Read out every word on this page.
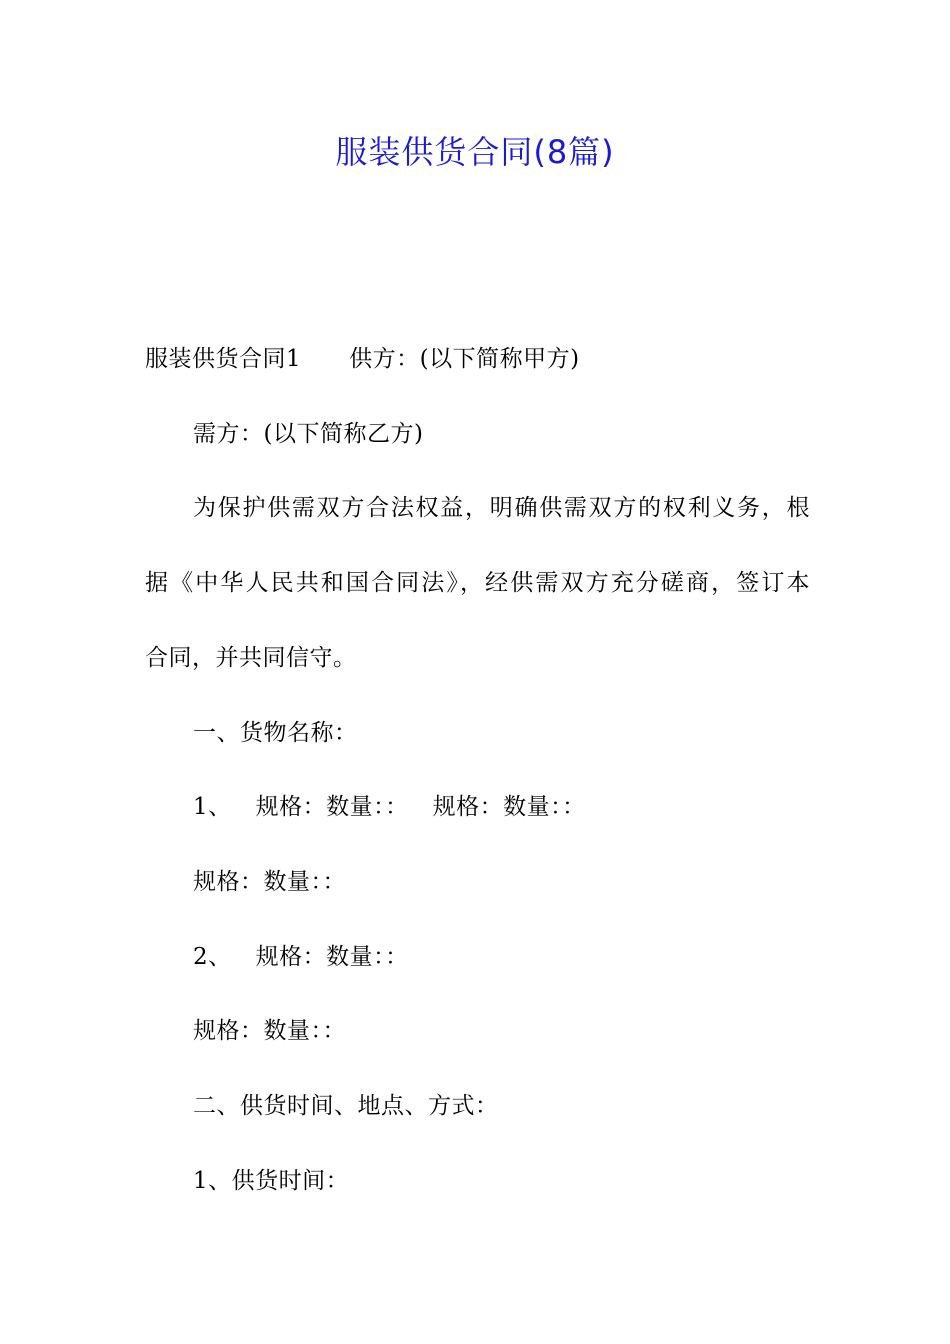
服装供货合同(8篇)
服装供货合同1 供方：(以下简称甲方)
需方：(以下简称乙方)
为保护供需双方合法权益，明确供需双方的权利义务，根
据《中华人民共和国合同法》，经供需双方充分磋商，签订本
合同，并共同信守。
一、货物名称：
1、 规格：数量：： 规格：数量：：
规格：数量：：
2、 规格：数量：：
规格：数量：：
二、供货时间、地点、方式：
1、供货时间：
